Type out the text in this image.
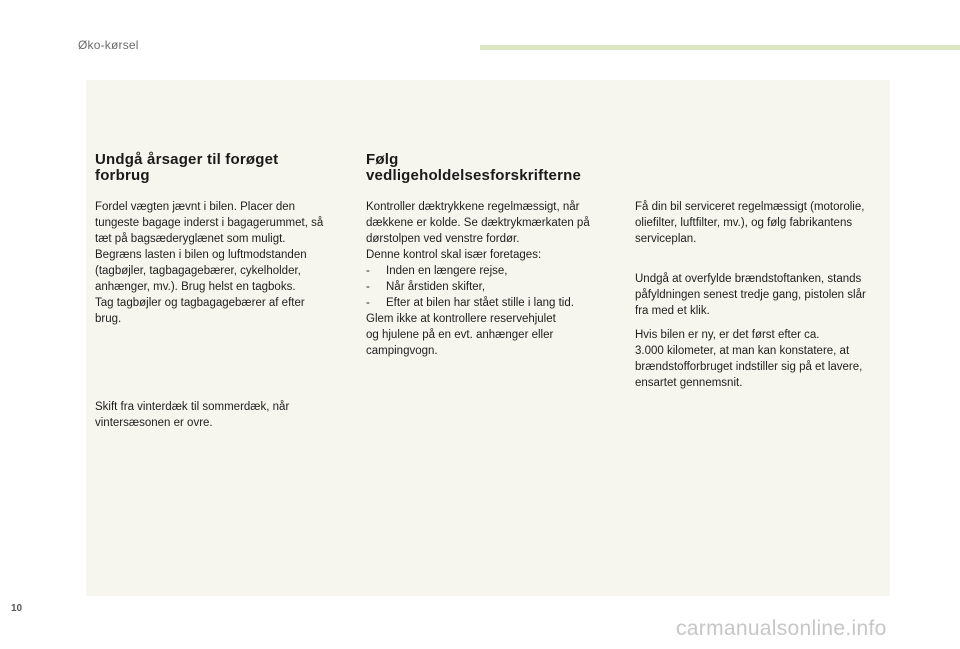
Øko-kørsel
Undgå årsager til forøget
forbrug

Fordel vægten jævnt i bilen. Placer den
tungeste bagage inderst i bagagerummet, så
tæt på bagsæderyglænet som muligt.
Begræns lasten i bilen og luftmodstanden
(tagbøjler, tagbagagebærer, cykelholder,
anhænger, mv.). Brug helst en tagboks.
Tag tagbøjler og tagbagagebærer af efter
brug.

Skift fra vinterdæk til sommerdæk, når
vintersæsonen er ovre.

Følg
vedligeholdelsesforskrifterne
Kontroller dæktrykkene regelmæssigt, når
dækkene er kolde. Se dæktrykmærkaten på
dørstolpen ved venstre fordør.
Denne kontrol skal især foretages:
- Inden en længere rejse,
- Når årstiden skifter,
- Efter at bilen har stået stille i lang tid.
Glem ikke at kontrollere reservehjulet
og hjulene på en evt. anhænger eller
campingvogn.

Få din bil serviceret regelmæssigt (motorolie,
oliefilter, luftfilter, mv.), og følg fabrikantens
serviceplan.

Undgå at overfylde brændstoftanken, stands
påfyldningen senest tredje gang, pistolen slår
fra med et klik.

Hvis bilen er ny, er det først efter ca.
3.000 kilometer, at man kan konstatere, at
brændstofforbruget indstiller sig på et lavere,
ensartet gennemsnit.

10
carmanualsonline.info
